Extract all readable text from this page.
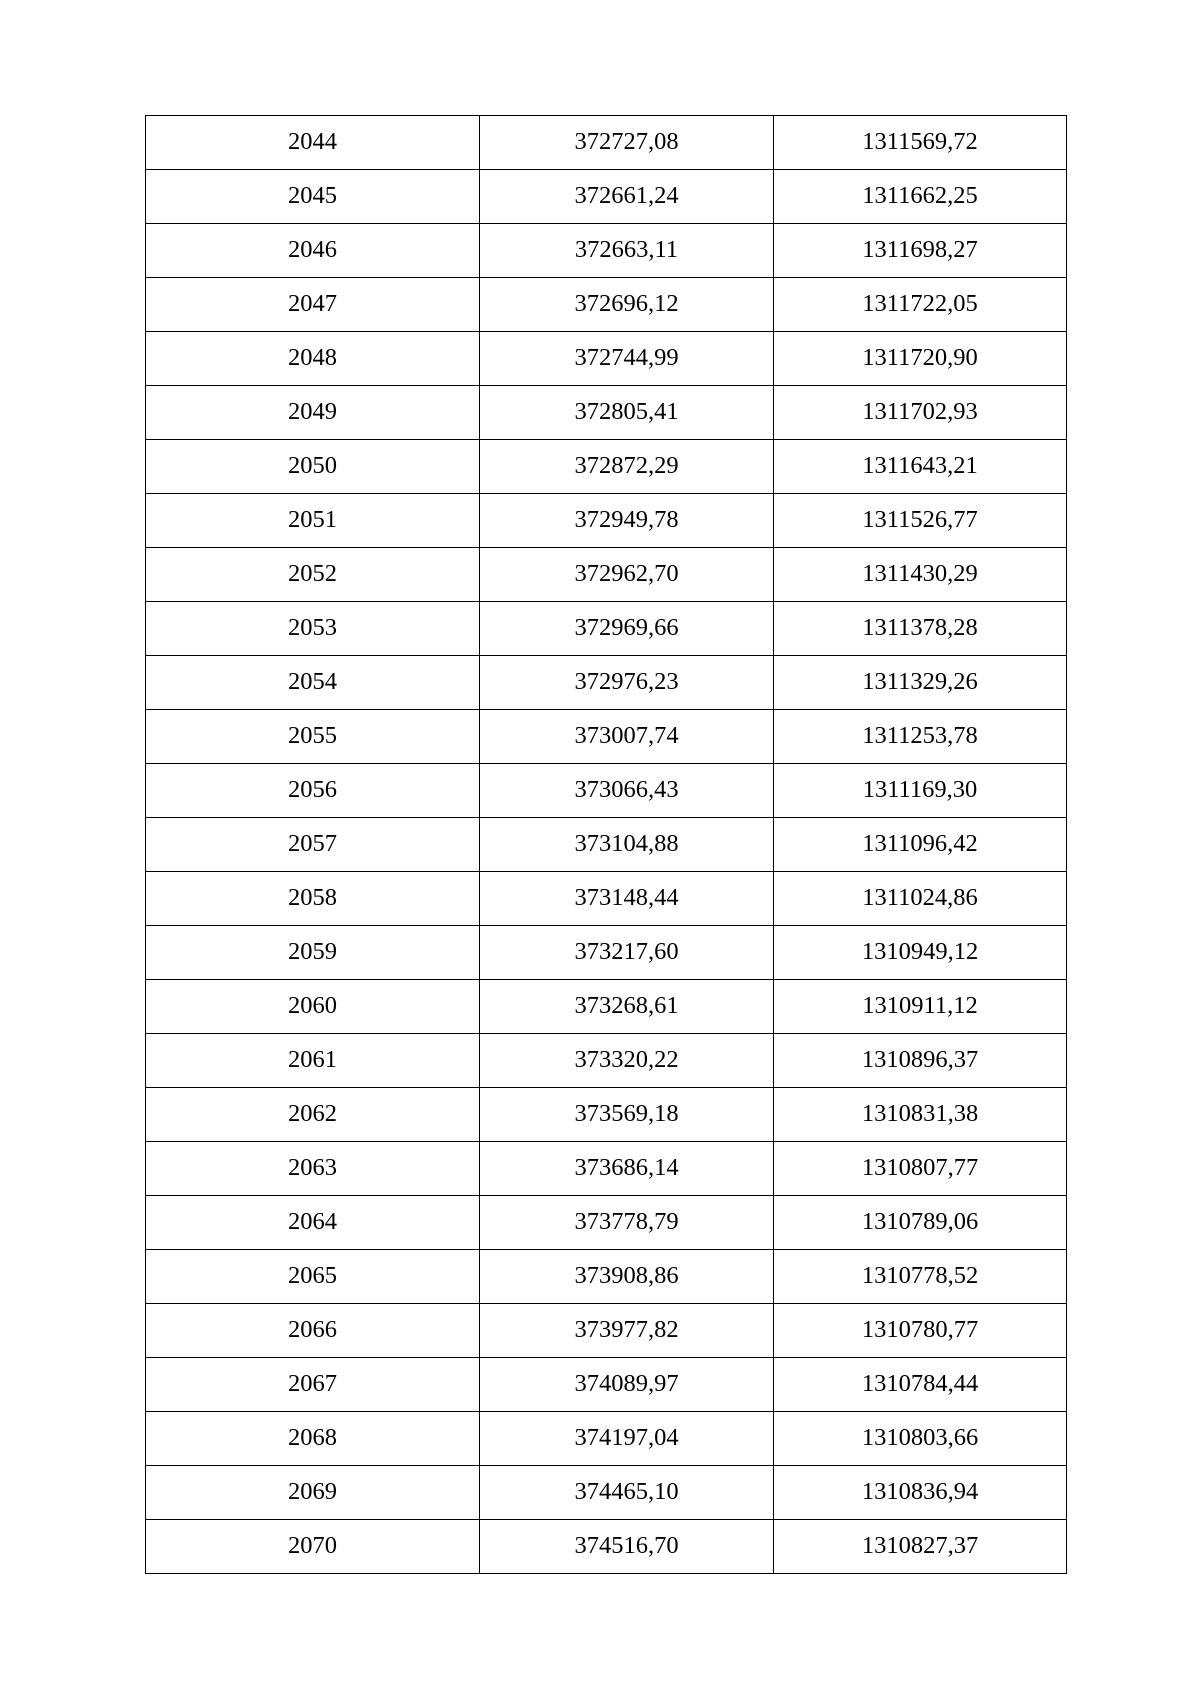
2044	372727,08	1311569,72
2045	372661,24	1311662,25
2046	372663,11	1311698,27
2047	372696,12	1311722,05
2048	372744,99	1311720,90
2049	372805,41	1311702,93
2050	372872,29	1311643,21
2051	372949,78	1311526,77
2052	372962,70	1311430,29
2053	372969,66	1311378,28
2054	372976,23	1311329,26
2055	373007,74	1311253,78
2056	373066,43	1311169,30
2057	373104,88	1311096,42
2058	373148,44	1311024,86
2059	373217,60	1310949,12
2060	373268,61	1310911,12
2061	373320,22	1310896,37
2062	373569,18	1310831,38
2063	373686,14	1310807,77
2064	373778,79	1310789,06
2065	373908,86	1310778,52
2066	373977,82	1310780,77
2067	374089,97	1310784,44
2068	374197,04	1310803,66
2069	374465,10	1310836,94
2070	374516,70	1310827,37
